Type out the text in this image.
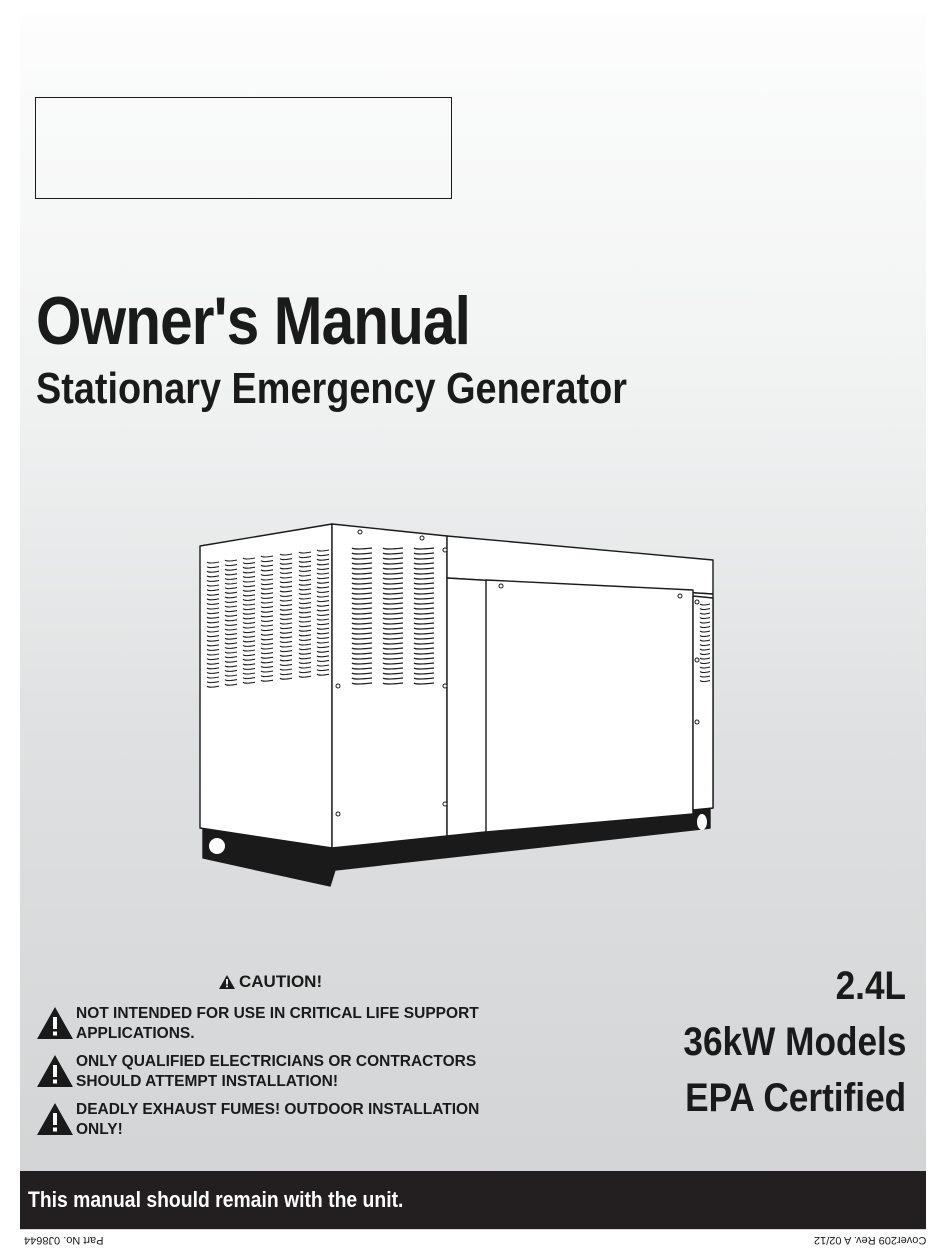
Owner's Manual
Stationary Emergency Generator
CAUTION!
NOT INTENDED FOR USE IN CRITICAL LIFE SUPPORT
APPLICATIONS.
ONLY QUALIFIED ELECTRICIANS OR CONTRACTORS
SHOULD ATTEMPT INSTALLATION!
DEADLY EXHAUST FUMES! OUTDOOR INSTALLATION
ONLY!
2.4L
36kW Models
EPA Certified
This manual should remain with the unit.
Part No. 0J8644	Cover209 Rev. A 02/12
